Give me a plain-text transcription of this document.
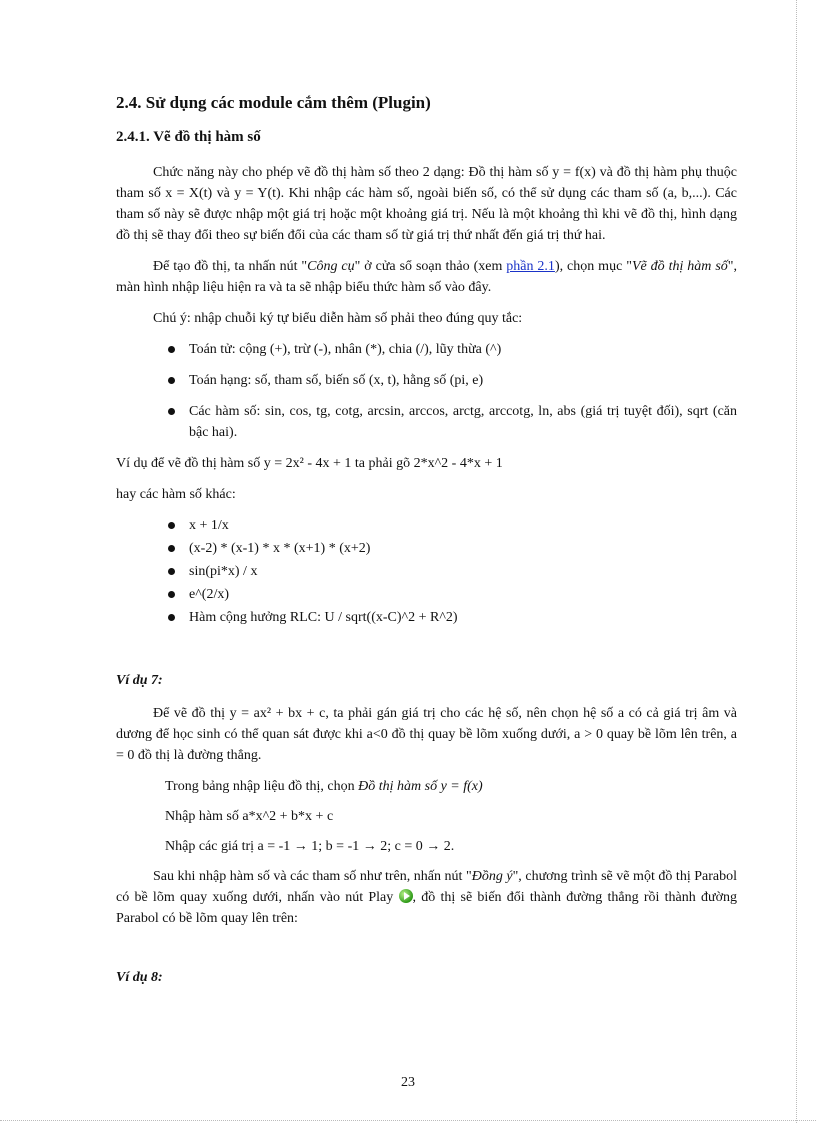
2.4. Sử dụng các module cắm thêm (Plugin)
2.4.1. Vẽ đồ thị hàm số

Chức năng này cho phép vẽ đồ thị hàm số theo 2 dạng: Đồ thị hàm số y = f(x) và đồ thị hàm phụ thuộc tham số x = X(t) và y = Y(t). Khi nhập các hàm số, ngoài biến số, có thể sử dụng các tham số (a, b,...). Các tham số này sẽ được nhập một giá trị hoặc một khoảng giá trị. Nếu là một khoảng thì khi vẽ đồ thị, hình dạng đồ thị sẽ thay đổi theo sự biến đổi của các tham số từ giá trị thứ nhất đến giá trị thứ hai.

Để tạo đồ thị, ta nhấn nút "Công cụ" ở cửa sổ soạn thảo (xem phần 2.1), chọn mục "Vẽ đồ thị hàm số", màn hình nhập liệu hiện ra và ta sẽ nhập biểu thức hàm số vào đây.

Chú ý: nhập chuỗi ký tự biểu diễn hàm số phải theo đúng quy tắc:

Toán tử: cộng (+), trừ (-), nhân (*), chia (/), lũy thừa (^)
Toán hạng: số, tham số, biến số (x, t), hằng số (pi, e)
Các hàm số: sin, cos, tg, cotg, arcsin, arccos, arctg, arccotg, ln, abs (giá trị tuyệt đối), sqrt (căn bậc hai).

Ví dụ để vẽ đồ thị hàm số y = 2x² - 4x + 1 ta phải gõ 2*x^2 - 4*x + 1

hay các hàm số khác:

x + 1/x
(x-2) * (x-1) * x * (x+1) * (x+2)
sin(pi*x) / x
e^(2/x)
Hàm cộng hưởng RLC: U / sqrt((x-C)^2 + R^2)

Ví dụ 7:

Để vẽ đồ thị y = ax² + bx + c, ta phải gán giá trị cho các hệ số, nên chọn hệ số a có cả giá trị âm và dương để học sinh có thể quan sát được khi a<0 đồ thị quay bề lõm xuống dưới, a > 0 quay bề lõm lên trên, a = 0 đồ thị là đường thẳng.

Trong bảng nhập liệu đồ thị, chọn Đồ thị hàm số y = f(x)

Nhập hàm số a*x^2 + b*x + c

Nhập các giá trị a = -1 → 1; b = -1 → 2; c = 0 → 2.

Sau khi nhập hàm số và các tham số như trên, nhấn nút "Đồng ý", chương trình sẽ vẽ một đồ thị Parabol có bề lõm quay xuống dưới, nhấn vào nút Play , đồ thị sẽ biến đổi thành đường thẳng rồi thành đường Parabol có bề lõm quay lên trên:

Ví dụ 8:

23
